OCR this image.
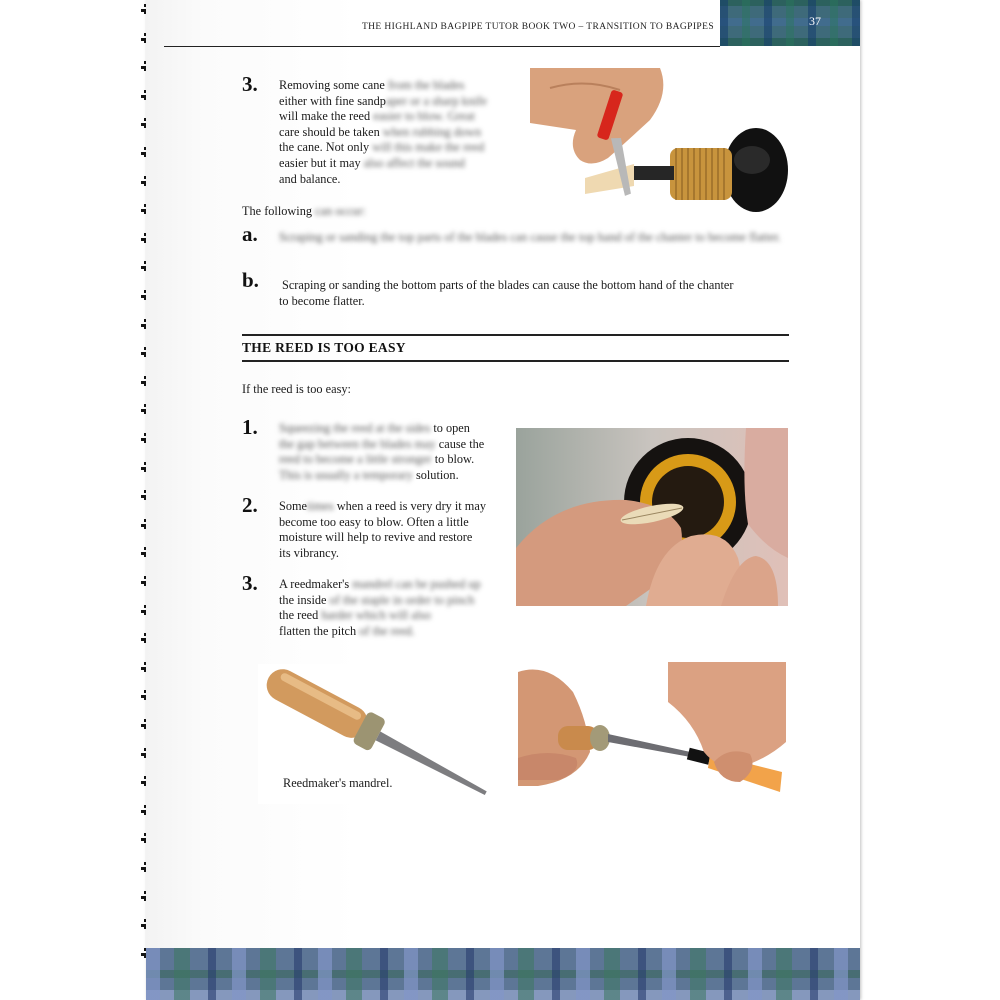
THE HIGHLAND BAGPIPE TUTOR BOOK TWO – TRANSITION TO BAGPIPES	37
3. Removing some cane from the blades
either with fine sandpaper or a sharp knife
will make the reed easier to blow. Great
care should be taken when rubbing down
the cane. Not only will this make the reed
easier but it may also affect the sound
and balance.
The following can occur:
a. Scraping or sanding the top parts of the blades can cause the top hand of the chanter to become flatter.
b. Scraping or sanding the bottom parts of the blades can cause the bottom hand of the chanter
to become flatter.
THE REED IS TOO EASY
If the reed is too easy:
1. Squeezing the reed at the sides to open
the gap between the blades may cause the
reed to become a little stronger to blow.
This is usually a temporary solution.
2. Sometimes when a reed is very dry it may
become too easy to blow. Often a little
moisture will help to revive and restore
its vibrancy.
3. A reedmaker's mandrel can be pushed up
the inside of the staple in order to pinch
the reed harder which will also
flatten the pitch of the reed.
Reedmaker's mandrel.
